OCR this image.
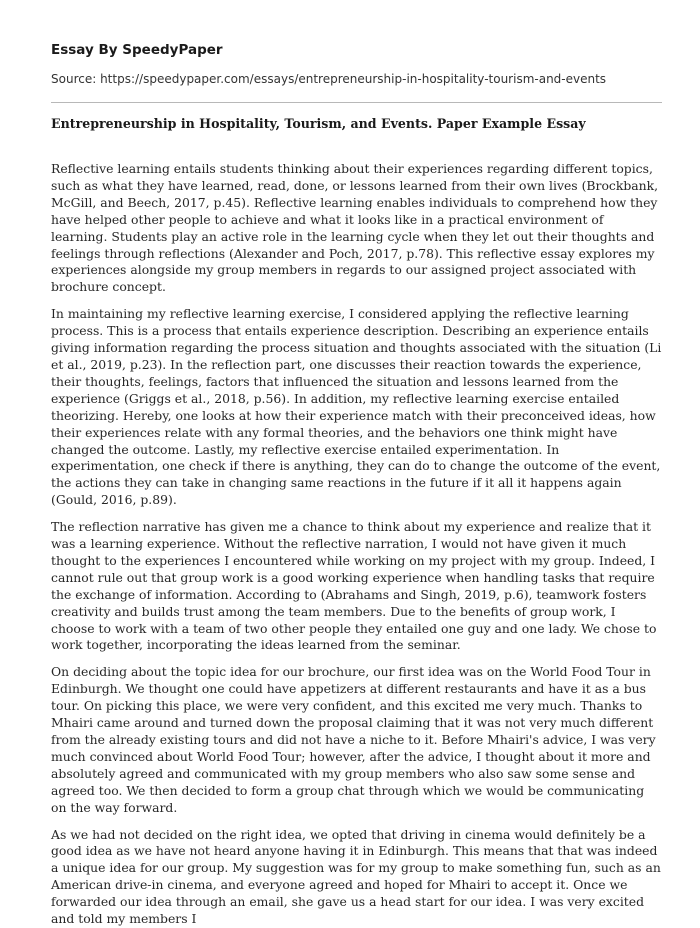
Essay By SpeedyPaper

Source: https://speedypaper.com/essays/entrepreneurship-in-hospitality-tourism-and-events

Entrepreneurship in Hospitality, Tourism, and Events. Paper Example Essay

Reflective learning entails students thinking about their experiences regarding different topics, such as what they have learned, read, done, or lessons learned from their own lives (Brockbank, McGill, and Beech, 2017, p.45). Reflective learning enables individuals to comprehend how they have helped other people to achieve and what it looks like in a practical environment of learning. Students play an active role in the learning cycle when they let out their thoughts and feelings through reflections (Alexander and Poch, 2017, p.78). This reflective essay explores my experiences alongside my group members in regards to our assigned project associated with brochure concept.

In maintaining my reflective learning exercise, I considered applying the reflective learning process. This is a process that entails experience description. Describing an experience entails giving information regarding the process situation and thoughts associated with the situation (Li et al., 2019, p.23). In the reflection part, one discusses their reaction towards the experience, their thoughts, feelings, factors that influenced the situation and lessons learned from the experience (Griggs et al., 2018, p.56). In addition, my reflective learning exercise entailed theorizing. Hereby, one looks at how their experience match with their preconceived ideas, how their experiences relate with any formal theories, and the behaviors one think might have changed the outcome. Lastly, my reflective exercise entailed experimentation. In experimentation, one check if there is anything, they can do to change the outcome of the event, the actions they can take in changing same reactions in the future if it all it happens again (Gould, 2016, p.89).

The reflection narrative has given me a chance to think about my experience and realize that it was a learning experience. Without the reflective narration, I would not have given it much thought to the experiences I encountered while working on my project with my group. Indeed, I cannot rule out that group work is a good working experience when handling tasks that require the exchange of information. According to (Abrahams and Singh, 2019, p.6), teamwork fosters creativity and builds trust among the team members. Due to the benefits of group work, I choose to work with a team of two other people they entailed one guy and one lady. We chose to work together, incorporating the ideas learned from the seminar.

On deciding about the topic idea for our brochure, our first idea was on the World Food Tour in Edinburgh. We thought one could have appetizers at different restaurants and have it as a bus tour. On picking this place, we were very confident, and this excited me very much. Thanks to Mhairi came around and turned down the proposal claiming that it was not very much different from the already existing tours and did not have a niche to it. Before Mhairi's advice, I was very much convinced about World Food Tour; however, after the advice, I thought about it more and absolutely agreed and communicated with my group members who also saw some sense and agreed too. We then decided to form a group chat through which we would be communicating on the way forward.

As we had not decided on the right idea, we opted that driving in cinema would definitely be a good idea as we have not heard anyone having it in Edinburgh. This means that that was indeed a unique idea for our group. My suggestion was for my group to make something fun, such as an American drive-in cinema, and everyone agreed and hoped for Mhairi to accept it. Once we forwarded our idea through an email, she gave us a head start for our idea. I was very excited and told my members I
